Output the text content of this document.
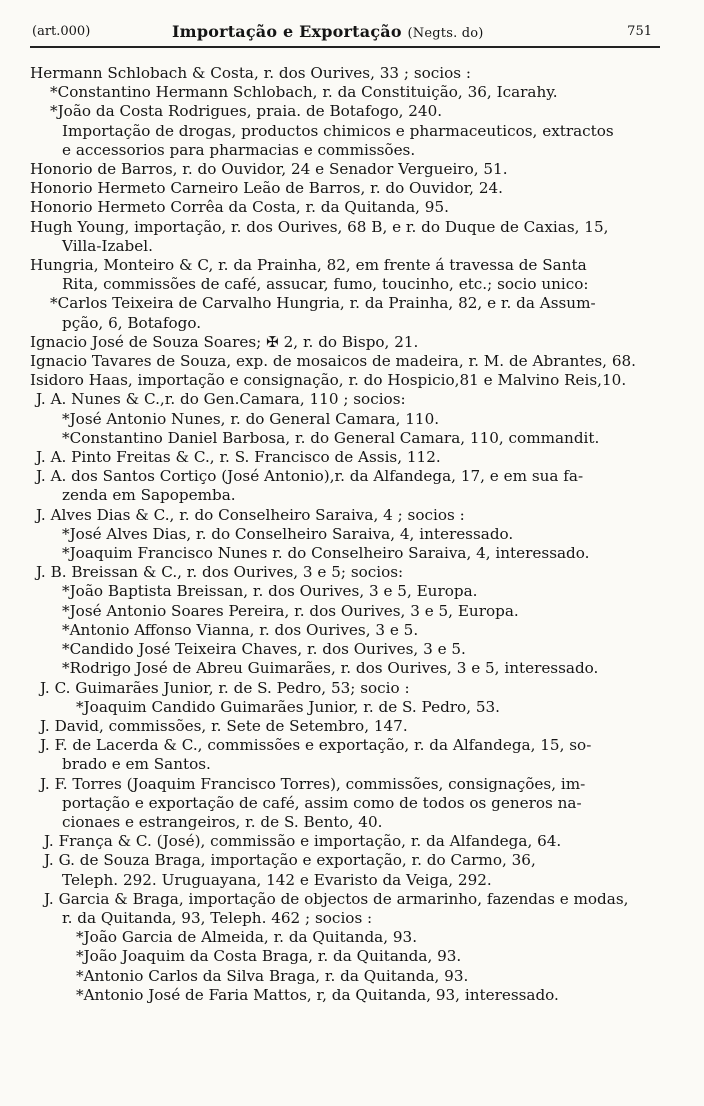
(art.000)	Importação e Exportação (Negts. do)	751
Hermann Schlobach & Costa, r. dos Ourives, 33 ; socios :
*Constantino Hermann Schlobach, r. da Constituição, 36, Icarahy.
*João da Costa Rodrigues, praia. de Botafogo, 240.
Importação de drogas, productos chimicos e pharmaceuticos, extractos
e accessorios para pharmacias e commissões.
Honorio de Barros, r. do Ouvidor, 24 e Senador Vergueiro, 51.
Honorio Hermeto Carneiro Leão de Barros, r. do Ouvidor, 24.
Honorio Hermeto Corrêa da Costa, r. da Quitanda, 95.
Hugh Young, importação, r. dos Ourives, 68 B, e r. do Duque de Caxias, 15,
Villa-Izabel.
Hungria, Monteiro & C, r. da Prainha, 82, em frente á travessa de Santa
Rita, commissões de café, assucar, fumo, toucinho, etc.; socio unico:
*Carlos Teixeira de Carvalho Hungria, r. da Prainha, 82, e r. da Assum-
pção, 6, Botafogo.
Ignacio José de Souza Soares; ✠ 2, r. do Bispo, 21.
Ignacio Tavares de Souza, exp. de mosaicos de madeira, r. M. de Abrantes, 68.
Isidoro Haas, importação e consignação, r. do Hospicio,81 e Malvino Reis,10.
J. A. Nunes & C.,r. do Gen.Camara, 110 ; socios:
*José Antonio Nunes, r. do General Camara, 110.
*Constantino Daniel Barbosa, r. do General Camara, 110, commandit.
J. A. Pinto Freitas & C., r. S. Francisco de Assis, 112.
J. A. dos Santos Cortiço (José Antonio),r. da Alfandega, 17, e em sua fa-
zenda em Sapopemba.
J. Alves Dias & C., r. do Conselheiro Saraiva, 4 ; socios :
*José Alves Dias, r. do Conselheiro Saraiva, 4, interessado.
*Joaquim Francisco Nunes r. do Conselheiro Saraiva, 4, interessado.
J. B. Breissan & C., r. dos Ourives, 3 e 5; socios:
*João Baptista Breissan, r. dos Ourives, 3 e 5, Europa.
*José Antonio Soares Pereira, r. dos Ourives, 3 e 5, Europa.
*Antonio Affonso Vianna, r. dos Ourives, 3 e 5.
*Candido José Teixeira Chaves, r. dos Ourives, 3 e 5.
*Rodrigo José de Abreu Guimarães, r. dos Ourives, 3 e 5, interessado.
J. C. Guimarães Junior, r. de S. Pedro, 53; socio :
*Joaquim Candido Guimarães Junior, r. de S. Pedro, 53.
J. David, commissões, r. Sete de Setembro, 147.
J. F. de Lacerda & C., commissões e exportação, r. da Alfandega, 15, so-
brado e em Santos.
J. F. Torres (Joaquim Francisco Torres), commissões, consignações, im-
portação e exportação de café, assim como de todos os generos na-
cionaes e estrangeiros, r. de S. Bento, 40.
J. França & C. (José), commissão e importação, r. da Alfandega, 64.
J. G. de Souza Braga, importação e exportação, r. do Carmo, 36,
Teleph. 292. Uruguayana, 142 e Evaristo da Veiga, 292.
J. Garcia & Braga, importação de objectos de armarinho, fazendas e modas,
r. da Quitanda, 93, Teleph. 462 ; socios :
*João Garcia de Almeida, r. da Quitanda, 93.
*João Joaquim da Costa Braga, r. da Quitanda, 93.
*Antonio Carlos da Silva Braga, r. da Quitanda, 93.
*Antonio José de Faria Mattos, r, da Quitanda, 93, interessado.
